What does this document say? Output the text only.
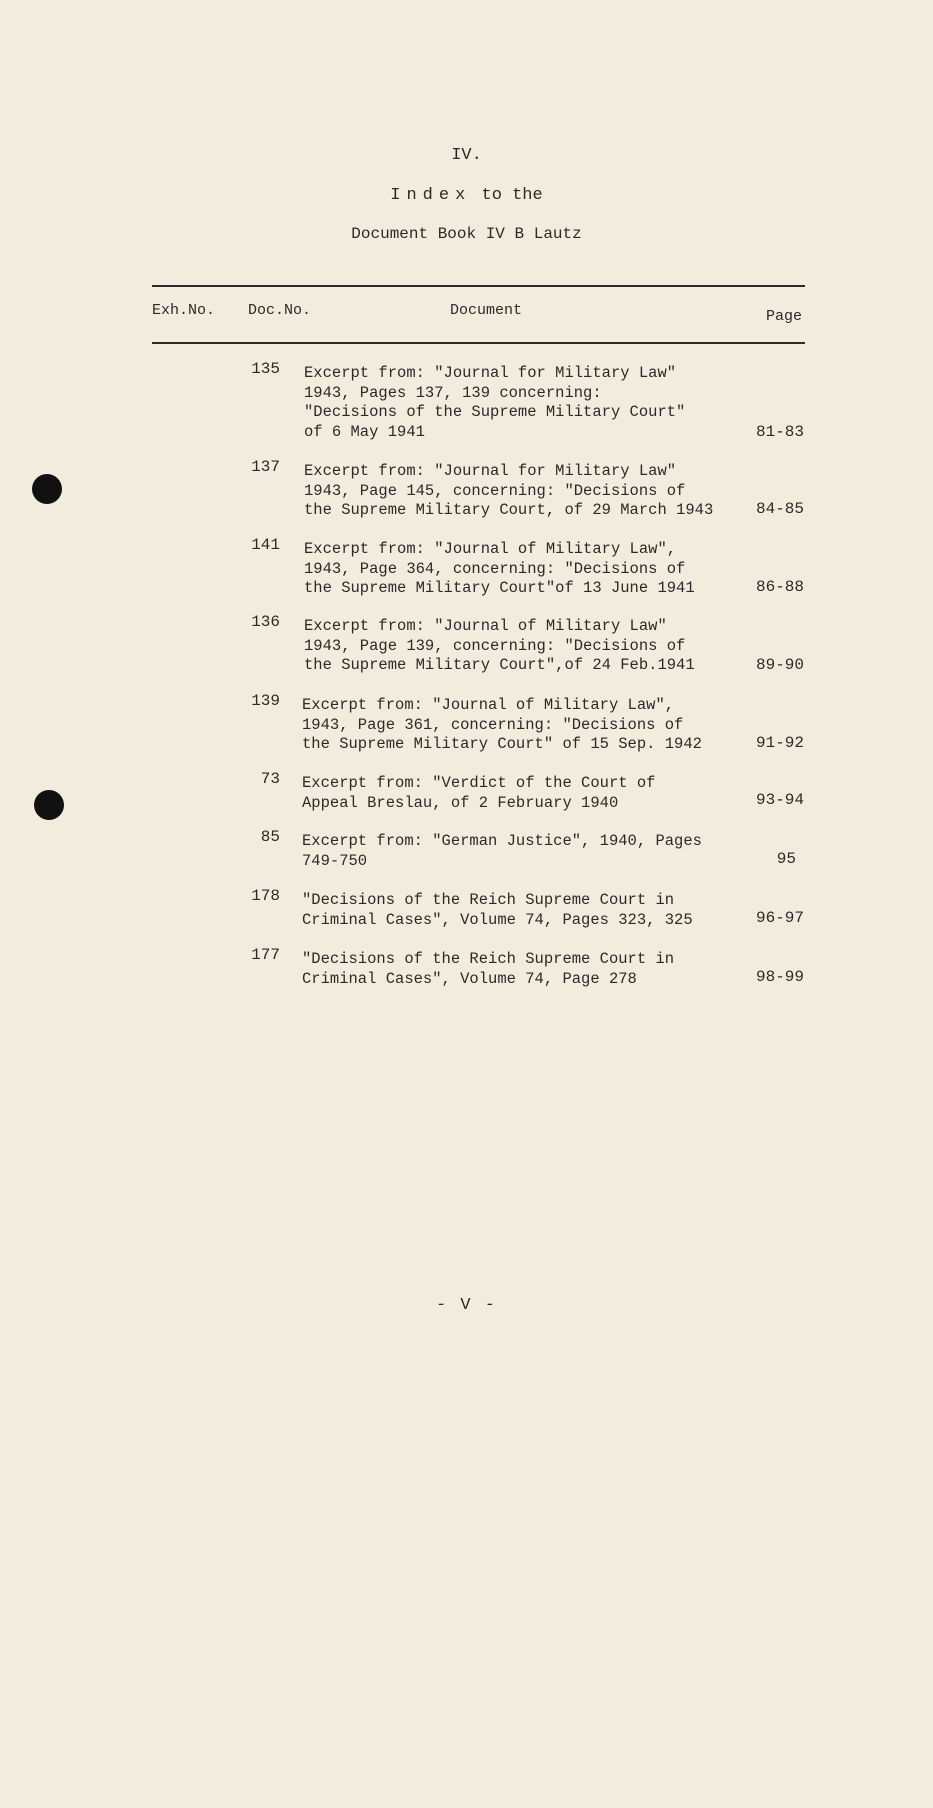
IV.
Index to the
Document Book IV B Lautz
Exh.No. Doc.No.	Document	Page
135 Excerpt from: "Journal for Military Law"
1943, Pages 137, 139 concerning:
"Decisions of the Supreme Military Court"
of 6 May 1941	81-83
137 Excerpt from: "Journal for Military Law"
1943, Page 145, concerning: "Decisions of
the Supreme Military Court, of 29 March 1943	84-85
141 Excerpt from: "Journal of Military Law",
1943, Page 364, concerning: "Decisions of
the Supreme Military Court"of 13 June 1941	86-88
136 Excerpt from: "Journal of Military Law"
1943, Page 139, concerning: "Decisions of
the Supreme Military Court",of 24 Feb.1941	89-90
139 Excerpt from: "Journal of Military Law",
1943, Page 361, concerning: "Decisions of
the Supreme Military Court" of 15 Sep. 1942	91-92
73 Excerpt from: "Verdict of the Court of
Appeal Breslau, of 2 February 1940	93-94
85 Excerpt from: "German Justice", 1940, Pages
749-750	95
178 "Decisions of the Reich Supreme Court in
Criminal Cases", Volume 74, Pages 323, 325	96-97
177 "Decisions of the Reich Supreme Court in
Criminal Cases", Volume 74, Page 278	98-99
- V -
